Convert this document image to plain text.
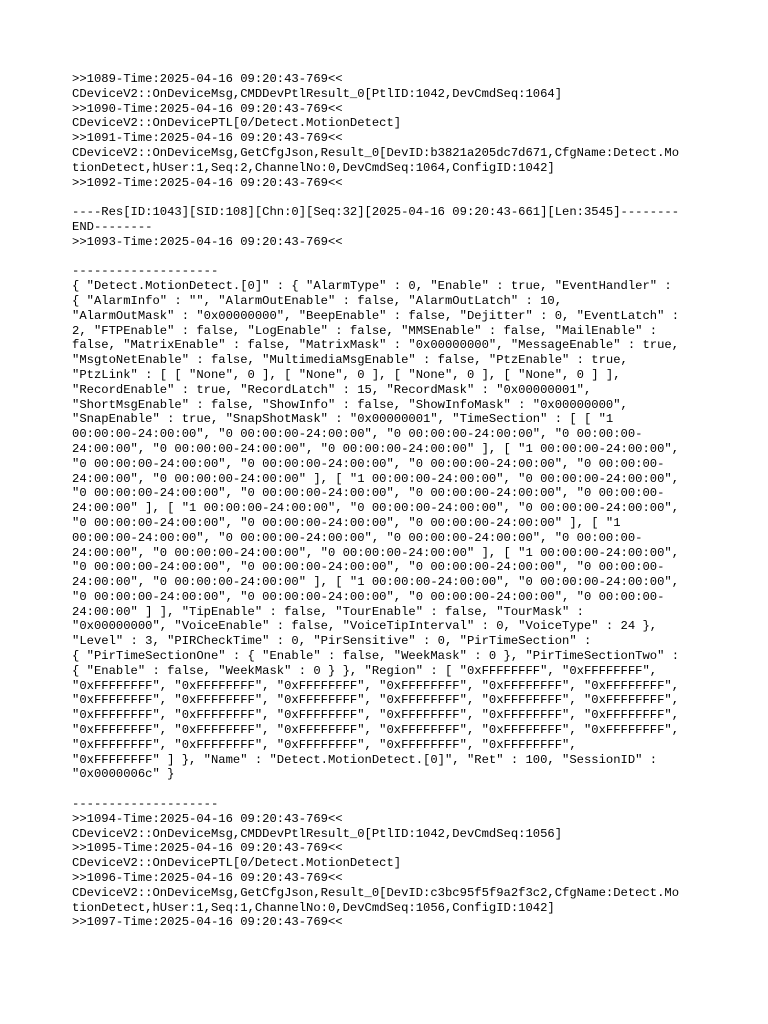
>>1089-Time:2025-04-16 09:20:43-769<<
CDeviceV2::OnDeviceMsg,CMDDevPtlResult_0[PtlID:1042,DevCmdSeq:1064]
>>1090-Time:2025-04-16 09:20:43-769<<
CDeviceV2::OnDevicePTL[0/Detect.MotionDetect]
>>1091-Time:2025-04-16 09:20:43-769<<
CDeviceV2::OnDeviceMsg,GetCfgJson,Result_0[DevID:b3821a205dc7d671,CfgName:Detect.Mo
tionDetect,hUser:1,Seq:2,ChannelNo:0,DevCmdSeq:1064,ConfigID:1042]
>>1092-Time:2025-04-16 09:20:43-769<<
----Res[ID:1043][SID:108][Chn:0][Seq:32][2025-04-16 09:20:43-661][Len:3545]--------
END--------
>>1093-Time:2025-04-16 09:20:43-769<<
--------------------
{ "Detect.MotionDetect.[0]" : { "AlarmType" : 0, "Enable" : true, "EventHandler" :
{ "AlarmInfo" : "", "AlarmOutEnable" : false, "AlarmOutLatch" : 10,
"AlarmOutMask" : "0x00000000", "BeepEnable" : false, "Dejitter" : 0, "EventLatch" :
2, "FTPEnable" : false, "LogEnable" : false, "MMSEnable" : false, "MailEnable" :
false, "MatrixEnable" : false, "MatrixMask" : "0x00000000", "MessageEnable" : true,
"MsgtoNetEnable" : false, "MultimediaMsgEnable" : false, "PtzEnable" : true,
"PtzLink" : [ [ "None", 0 ], [ "None", 0 ], [ "None", 0 ], [ "None", 0 ] ],
"RecordEnable" : true, "RecordLatch" : 15, "RecordMask" : "0x00000001",
"ShortMsgEnable" : false, "ShowInfo" : false, "ShowInfoMask" : "0x00000000",
"SnapEnable" : true, "SnapShotMask" : "0x00000001", "TimeSection" : [ [ "1
00:00:00-24:00:00", "0 00:00:00-24:00:00", "0 00:00:00-24:00:00", "0 00:00:00-
24:00:00", "0 00:00:00-24:00:00", "0 00:00:00-24:00:00" ], [ "1 00:00:00-24:00:00",
"0 00:00:00-24:00:00", "0 00:00:00-24:00:00", "0 00:00:00-24:00:00", "0 00:00:00-
24:00:00", "0 00:00:00-24:00:00" ], [ "1 00:00:00-24:00:00", "0 00:00:00-24:00:00",
"0 00:00:00-24:00:00", "0 00:00:00-24:00:00", "0 00:00:00-24:00:00", "0 00:00:00-
24:00:00" ], [ "1 00:00:00-24:00:00", "0 00:00:00-24:00:00", "0 00:00:00-24:00:00",
"0 00:00:00-24:00:00", "0 00:00:00-24:00:00", "0 00:00:00-24:00:00" ], [ "1
00:00:00-24:00:00", "0 00:00:00-24:00:00", "0 00:00:00-24:00:00", "0 00:00:00-
24:00:00", "0 00:00:00-24:00:00", "0 00:00:00-24:00:00" ], [ "1 00:00:00-24:00:00",
"0 00:00:00-24:00:00", "0 00:00:00-24:00:00", "0 00:00:00-24:00:00", "0 00:00:00-
24:00:00", "0 00:00:00-24:00:00" ], [ "1 00:00:00-24:00:00", "0 00:00:00-24:00:00",
"0 00:00:00-24:00:00", "0 00:00:00-24:00:00", "0 00:00:00-24:00:00", "0 00:00:00-
24:00:00" ] ], "TipEnable" : false, "TourEnable" : false, "TourMask" :
"0x00000000", "VoiceEnable" : false, "VoiceTipInterval" : 0, "VoiceType" : 24 },
"Level" : 3, "PIRCheckTime" : 0, "PirSensitive" : 0, "PirTimeSection" :
{ "PirTimeSectionOne" : { "Enable" : false, "WeekMask" : 0 }, "PirTimeSectionTwo" :
{ "Enable" : false, "WeekMask" : 0 } }, "Region" : [ "0xFFFFFFFF", "0xFFFFFFFF",
"0xFFFFFFFF", "0xFFFFFFFF", "0xFFFFFFFF", "0xFFFFFFFF", "0xFFFFFFFF", "0xFFFFFFFF",
"0xFFFFFFFF", "0xFFFFFFFF", "0xFFFFFFFF", "0xFFFFFFFF", "0xFFFFFFFF", "0xFFFFFFFF",
"0xFFFFFFFF", "0xFFFFFFFF", "0xFFFFFFFF", "0xFFFFFFFF", "0xFFFFFFFF", "0xFFFFFFFF",
"0xFFFFFFFF", "0xFFFFFFFF", "0xFFFFFFFF", "0xFFFFFFFF", "0xFFFFFFFF", "0xFFFFFFFF",
"0xFFFFFFFF", "0xFFFFFFFF", "0xFFFFFFFF", "0xFFFFFFFF", "0xFFFFFFFF",
"0xFFFFFFFF" ] }, "Name" : "Detect.MotionDetect.[0]", "Ret" : 100, "SessionID" :
"0x0000006c" }
--------------------
>>1094-Time:2025-04-16 09:20:43-769<<
CDeviceV2::OnDeviceMsg,CMDDevPtlResult_0[PtlID:1042,DevCmdSeq:1056]
>>1095-Time:2025-04-16 09:20:43-769<<
CDeviceV2::OnDevicePTL[0/Detect.MotionDetect]
>>1096-Time:2025-04-16 09:20:43-769<<
CDeviceV2::OnDeviceMsg,GetCfgJson,Result_0[DevID:c3bc95f5f9a2f3c2,CfgName:Detect.Mo
tionDetect,hUser:1,Seq:1,ChannelNo:0,DevCmdSeq:1056,ConfigID:1042]
>>1097-Time:2025-04-16 09:20:43-769<<
